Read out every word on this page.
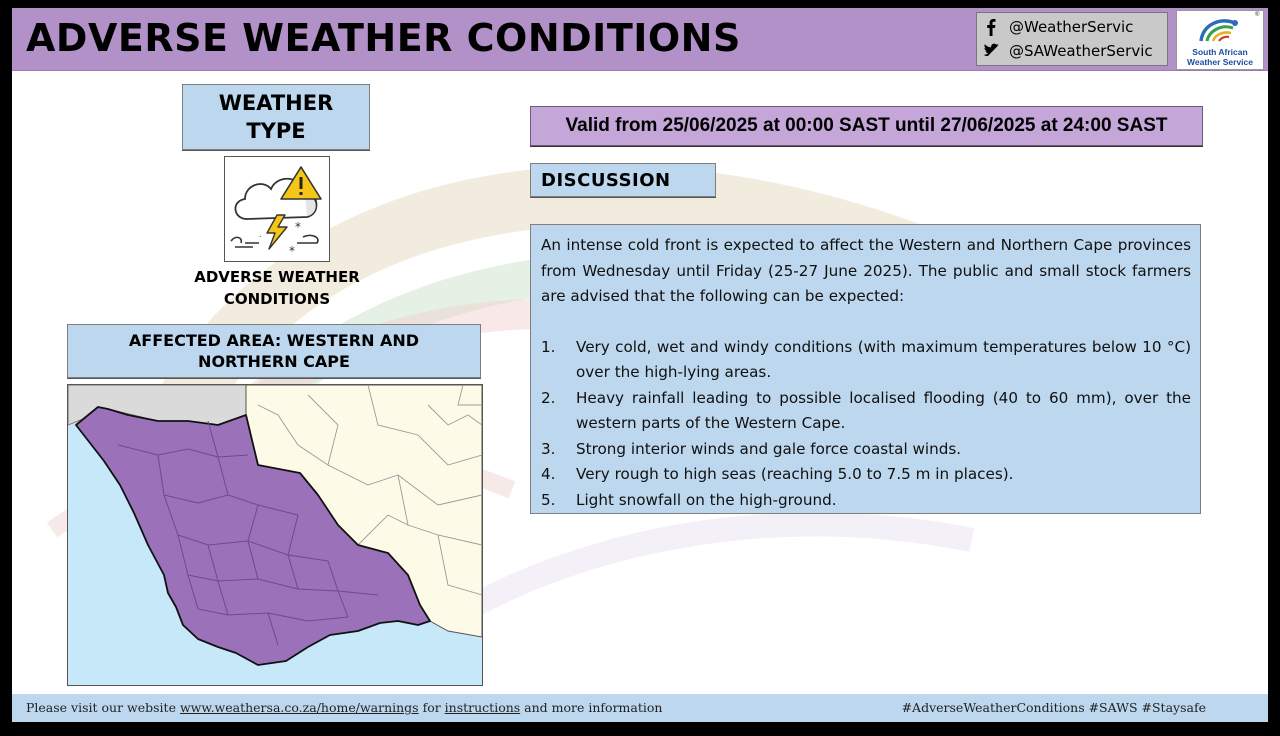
ADVERSE WEATHER CONDITIONS	@WeatherServic
@SAWeatherServic
®
South African
Weather Service
WEATHER
TYPE
*
*
.
ADVERSE WEATHER
CONDITIONS
AFFECTED AREA: WESTERN AND
NORTHERN CAPE
Valid from 25/06/2025 at 00:00 SAST until 27/06/2025 at 24:00 SAST
DISCUSSION

An intense cold front is expected to affect the Western and Northern Cape provinces from Wednesday until Friday (25-27 June 2025). The public and small stock farmers are advised that the following can be expected:

1. Very cold, wet and windy conditions (with maximum temperatures below 10 °C) over the high-lying areas.
2. Heavy rainfall leading to possible localised flooding (40 to 60 mm), over the western parts of the Western Cape.
3. Strong interior winds and gale force coastal winds.
4. Very rough to high seas (reaching 5.0 to 7.5 m in places).
5. Light snowfall on the high-ground.
Please visit our website www.weathersa.co.za/home/warnings for instructions and more information	#AdverseWeatherConditions #SAWS #Staysafe
